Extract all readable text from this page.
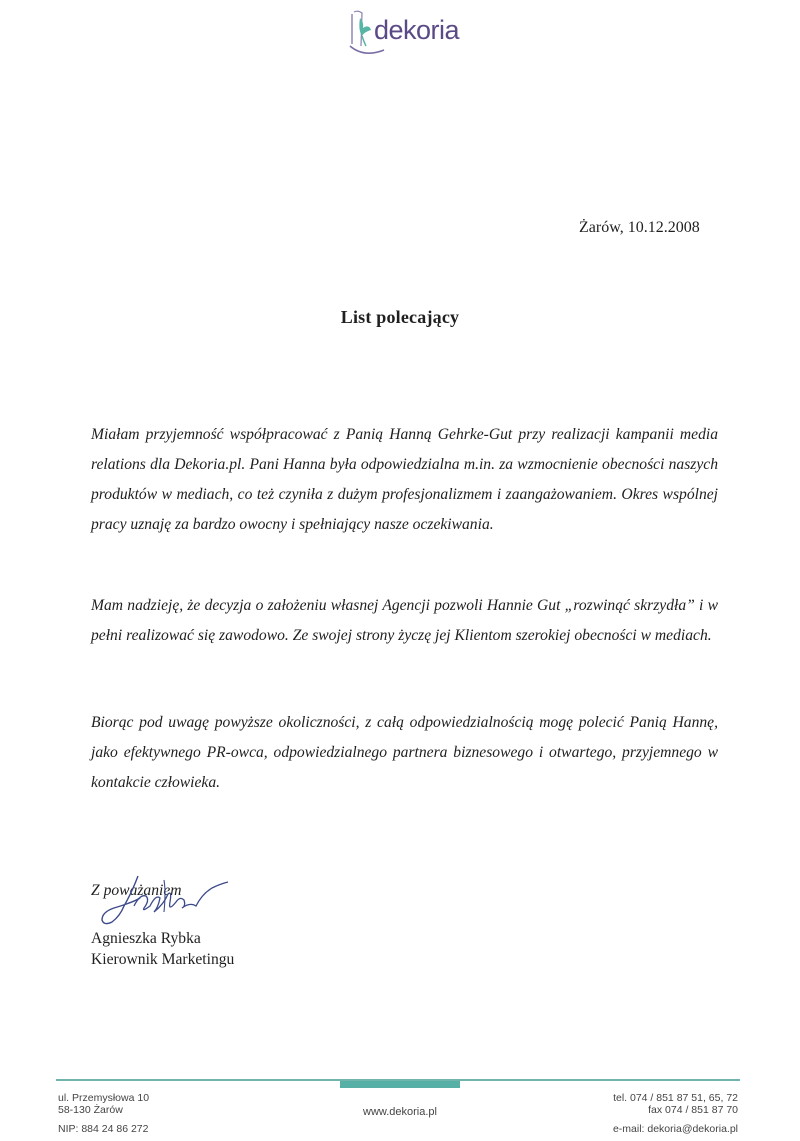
dekoria
Żarów, 10.12.2008
List polecający
Miałam przyjemność współpracować z Panią Hanną Gehrke-Gut przy realizacji kampanii media relations dla Dekoria.pl. Pani Hanna była odpowiedzialna m.in. za wzmocnienie obecności naszych produktów w mediach, co też czyniła z dużym profesjonalizmem i zaangażowaniem. Okres wspólnej pracy uznaję za bardzo owocny i spełniający nasze oczekiwania.
Mam nadzieję, że decyzja o założeniu własnej Agencji pozwoli Hannie Gut „rozwinąć skrzydła” i w pełni realizować się zawodowo. Ze swojej strony życzę jej Klientom szerokiej obecności w mediach.
Biorąc pod uwagę powyższe okoliczności, z całą odpowiedzialnością mogę polecić Panią Hannę, jako efektywnego PR-owca, odpowiedzialnego partnera biznesowego i otwartego, przyjemnego w kontakcie człowieka.
Z poważaniem
Agnieszka Rybka
Kierownik Marketingu
ul. Przemysłowa 10
58-130 Żarów
NIP: 884 24 86 272
www.dekoria.pl
tel. 074 / 851 87 51, 65, 72
fax 074 / 851 87 70
e-mail: dekoria@dekoria.pl
